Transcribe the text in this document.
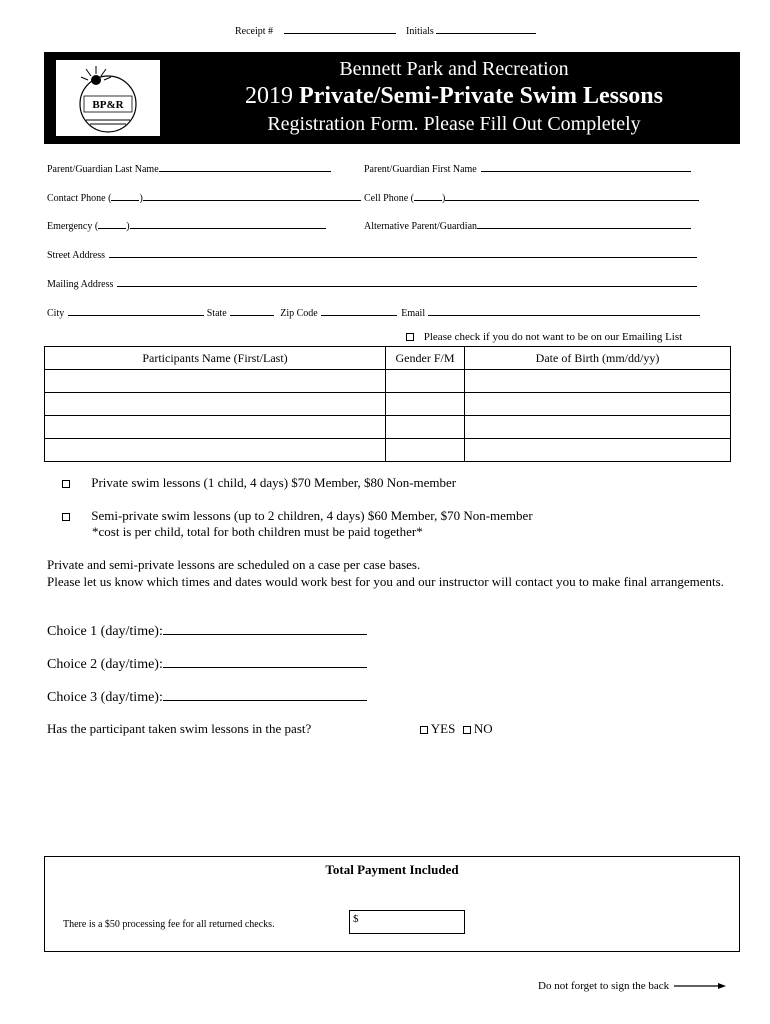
Receipt #	Initials
BP&R
Bennett Park and Recreation
2019 Private/Semi-Private Swim Lessons
Registration Form. Please Fill Out Completely
Parent/Guardian Last Name	Parent/Guardian First Name
Contact Phone (	)	Cell Phone (	)
Emergency (	)	Alternative Parent/Guardian
Street Address
Mailing Address
City	State	Zip Code	Email
Please check if you do not want to be on our Emailing List
Participants Name (First/Last)	Gender F/M	Date of Birth (mm/dd/yy)

Private swim lessons (1 child, 4 days) $70 Member, $80 Non-member
Semi-private swim lessons (up to 2 children, 4 days) $60 Member, $70 Non-member
*cost is per child, total for both children must be paid together*
Private and semi-private lessons are scheduled on a case per case bases.
Please let us know which times and dates would work best for you and our instructor will contact you to make final arrangements.
Choice 1 (day/time):
Choice 2 (day/time):
Choice 3 (day/time):
Has the participant taken swim lessons in the past?	YES NO
Total Payment Included
There is a $50 processing fee for all returned checks.	$
Do not forget to sign the back
